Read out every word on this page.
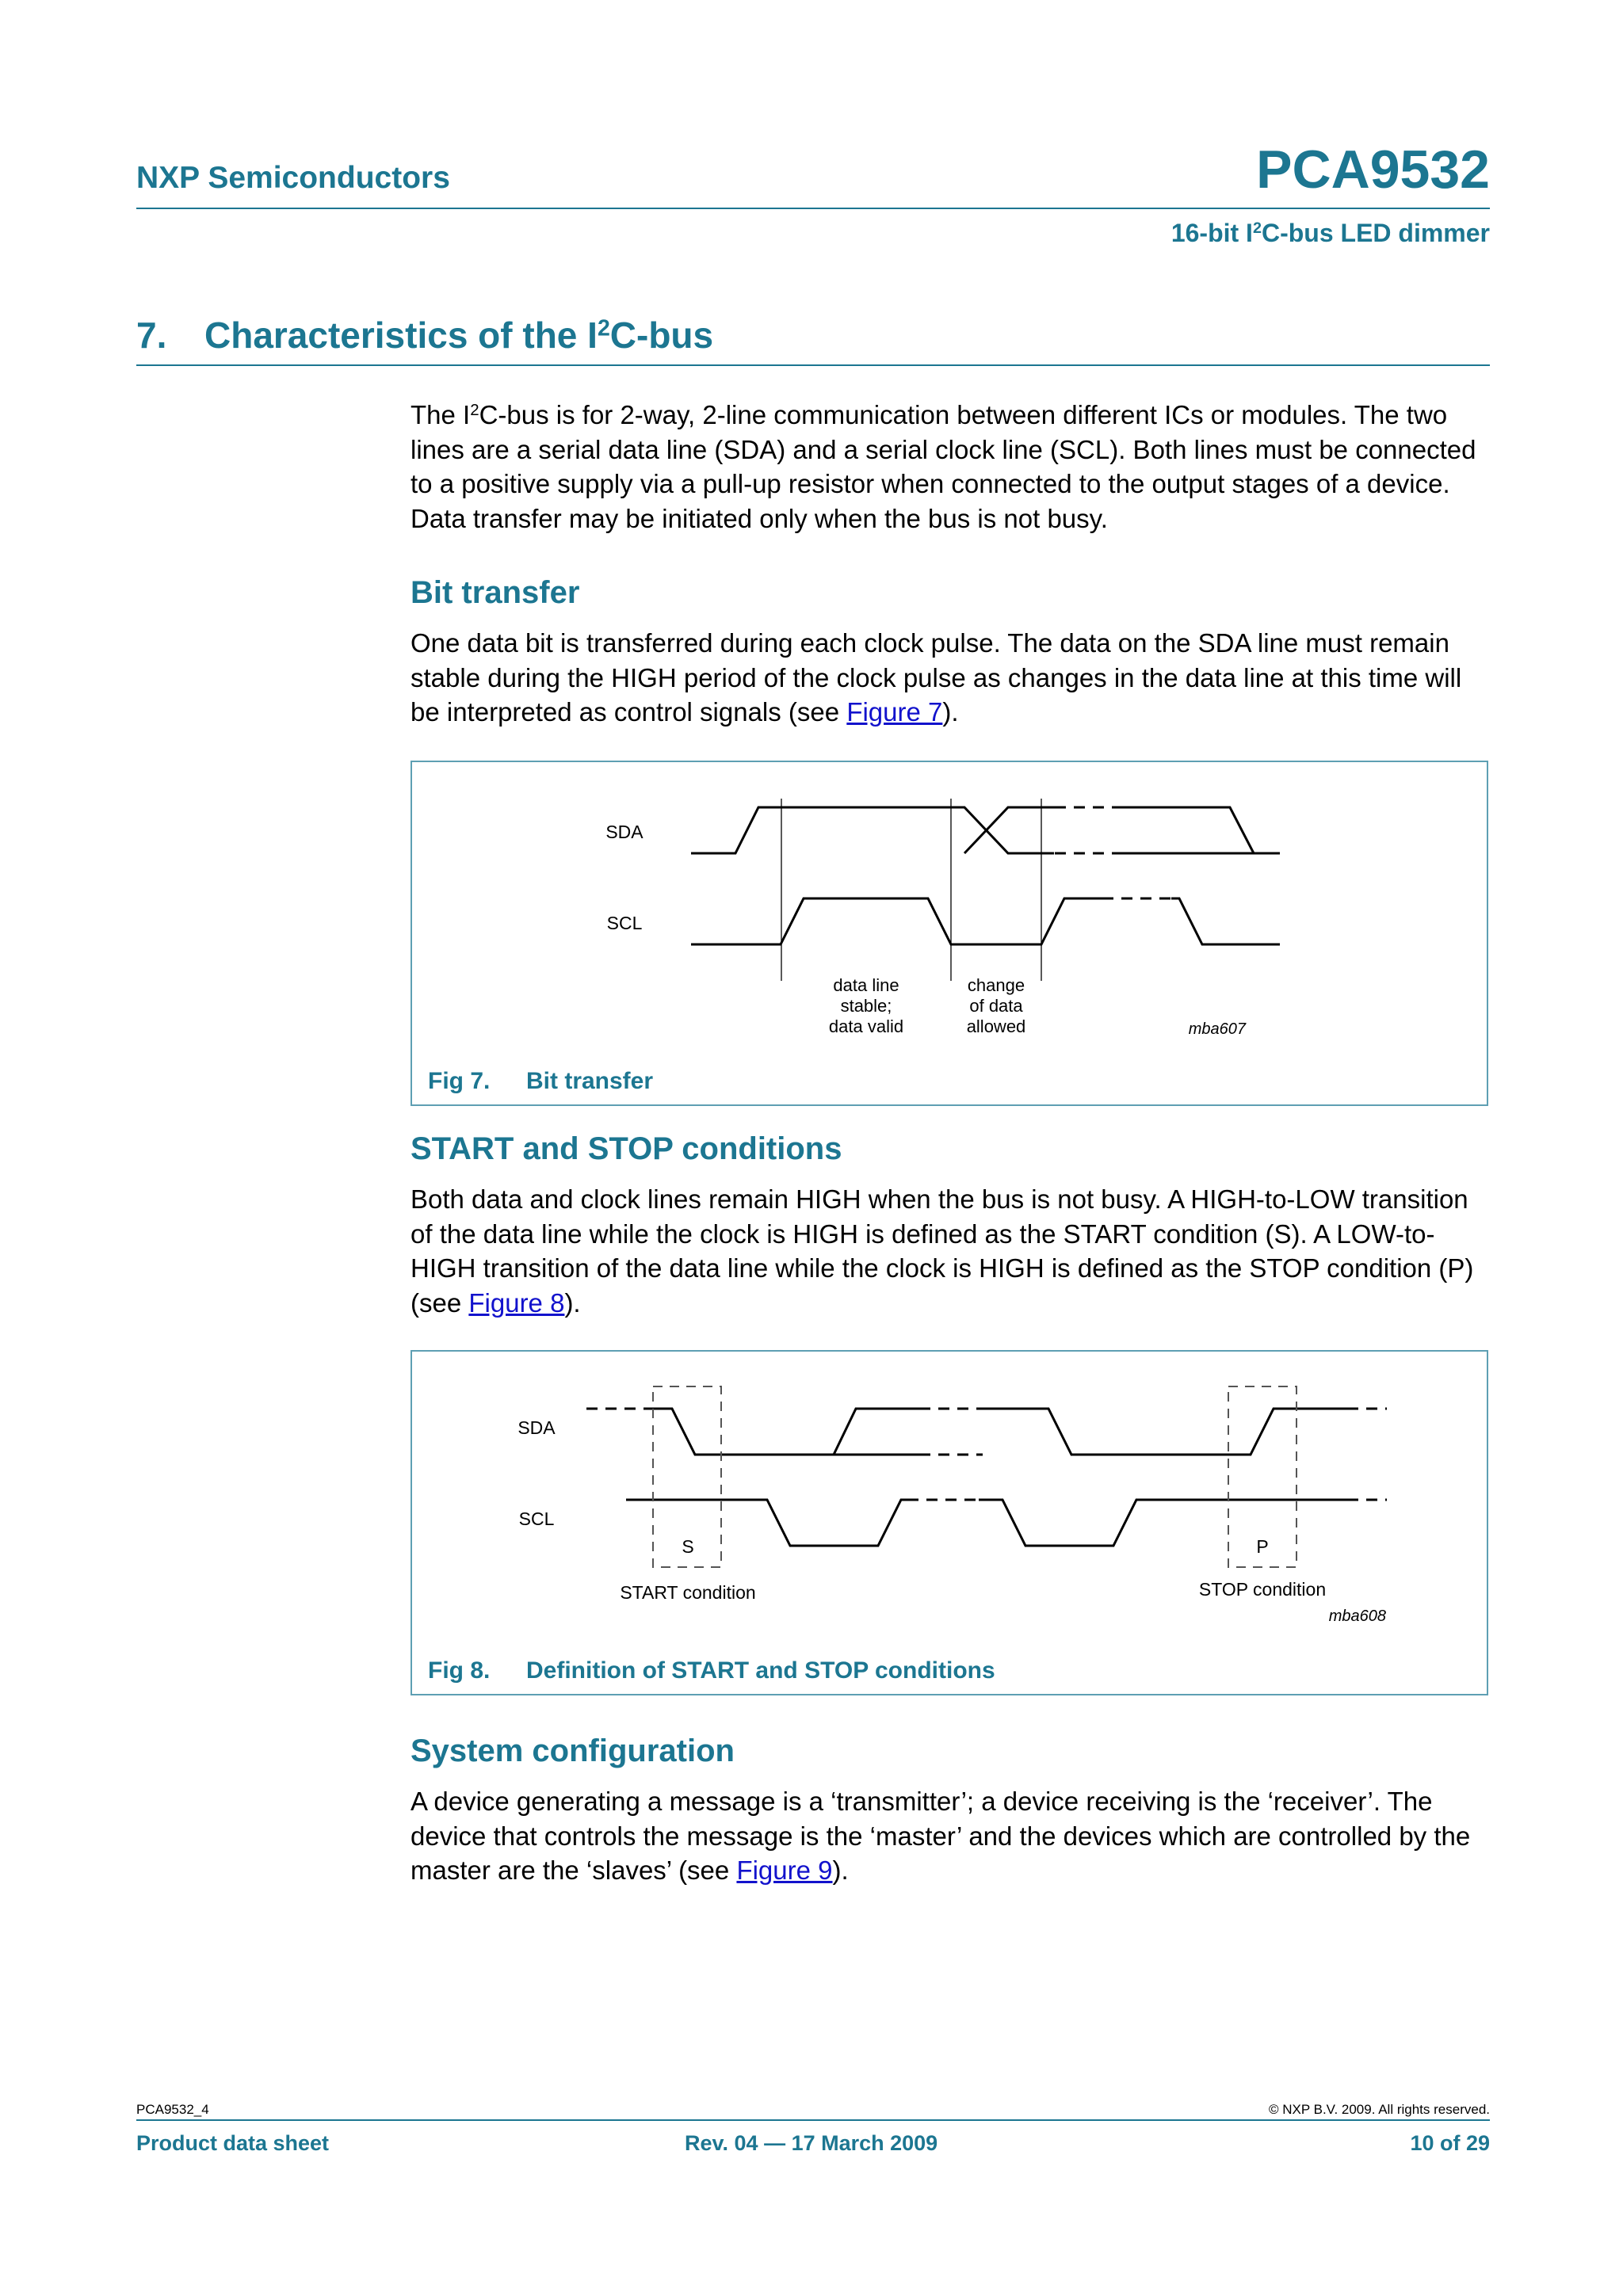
NXP Semiconductors	PCA9532
16-bit $I^2C$-bus LED dimmer
7. Characteristics of the $I^2C$-bus

The $I^2C$-bus is for 2-way, 2-line communication between different ICs or modules. The two lines are a serial data line (SDA) and a serial clock line (SCL). Both lines must be connected to a positive supply via a pull-up resistor when connected to the output stages of a device. Data transfer may be initiated only when the bus is not busy.

Bit transfer

One data bit is transferred during each clock pulse. The data on the SDA line must remain stable during the HIGH period of the clock pulse as changes in the data line at this time will be interpreted as control signals (see Figure 7).

SDA
SCL
data line
stable;
data valid
change
of data
allowed	mba607
Fig 7. Bit transfer
START and STOP conditions

Both data and clock lines remain HIGH when the bus is not busy. A HIGH-to-LOW transition of the data line while the clock is HIGH is defined as the START condition (S). A LOW-to-HIGH transition of the data line while the clock is HIGH is defined as the STOP condition (P) (see Figure 8).

SDA
SCL
S	P
START condition	STOP condition
mba608
Fig 8. Definition of START and STOP conditions
System configuration

A device generating a message is a ‘transmitter’; a device receiving is the ‘receiver’. The device that controls the message is the ‘master’ and the devices which are controlled by the master are the ‘slaves’ (see Figure 9).

PCA9532_4	© NXP B.V. 2009. All rights reserved.
Product data sheet	Rev. 04 — 17 March 2009	10 of 29
